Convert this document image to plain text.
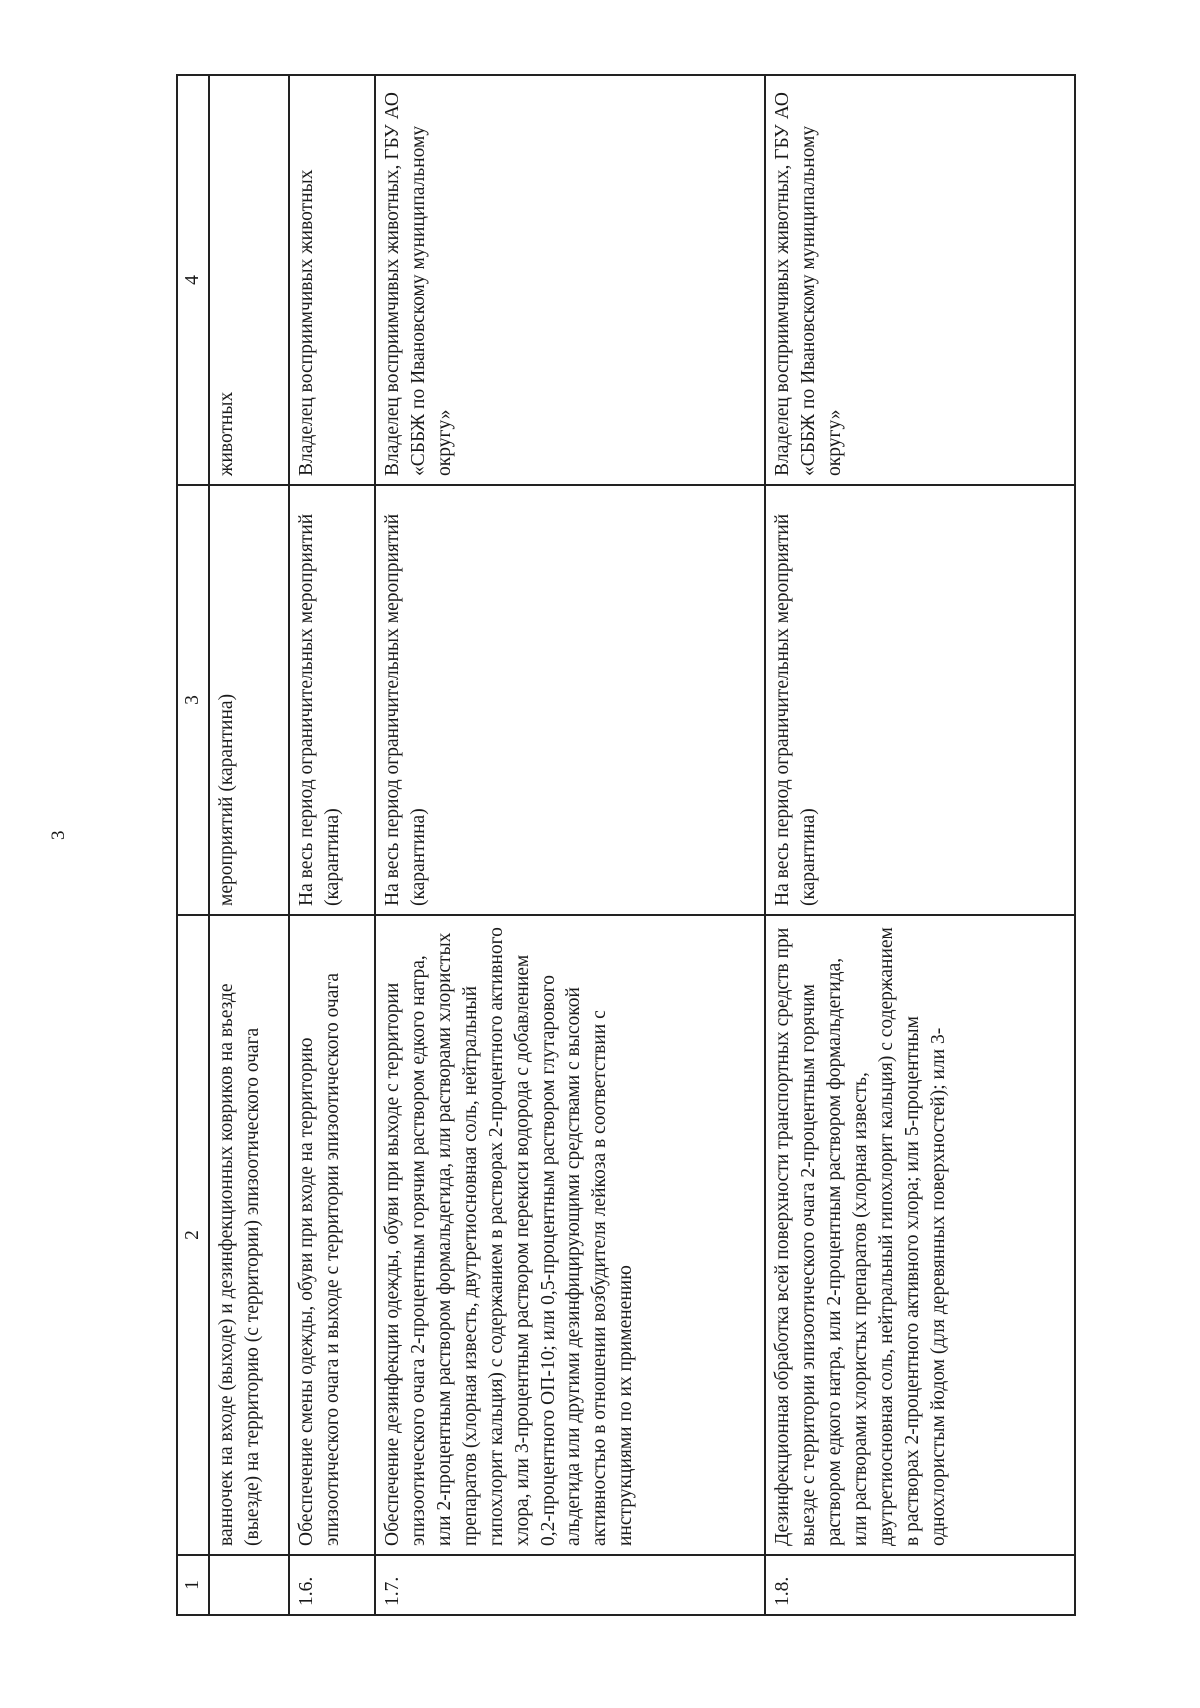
3
1	2	3	4
	ванночек на входе (выходе) и дезинфекционных ковриков на въезде (выезде) на территорию (с территории) эпизоотического очага	мероприятий (карантина)	животных
1.6.	Обеспечение смены одежды, обуви при входе на территорию эпизоотического очага и выходе с территории эпизоотического очага	На весь период ограничительных мероприятий (карантина)	Владелец восприимчивых животных
1.7.	Обеспечение дезинфекции одежды, обуви при выходе с территории эпизоотического очага 2-процентным горячим раствором едкого натра, или 2-процентным раствором формальдегида, или растворами хлористых препаратов (хлорная известь, двутретиосновная соль, нейтральный гипохлорит кальция) с содержанием в растворах 2-процентного активного хлора, или 3-процентным раствором перекиси водорода с добавлением 0,2-процентного ОП-10; или 0,5-процентным раствором глутарового альдегида или другими дезинфицирующими средствами с высокой активностью в отношении возбудителя лейкоза в соответствии с инструкциями по их применению	На весь период ограничительных мероприятий (карантина)	Владелец восприимчивых животных, ГБУ АО «СББЖ по Ивановскому муниципальному округу»
1.8.	Дезинфекционная обработка всей поверхности транспортных средств при выезде с территории эпизоотического очага 2-процентным горячим раствором едкого натра, или 2-процентным раствором формальдегида, или растворами хлористых препаратов (хлорная известь, двутретиосновная соль, нейтральный гипохлорит кальция) с содержанием в растворах 2-процентного активного хлора; или 5-процентным однохлористым йодом (для деревянных поверхностей); или 3-	На весь период ограничительных мероприятий (карантина)	Владелец восприимчивых животных, ГБУ АО «СББЖ по Ивановскому муниципальному округу»
